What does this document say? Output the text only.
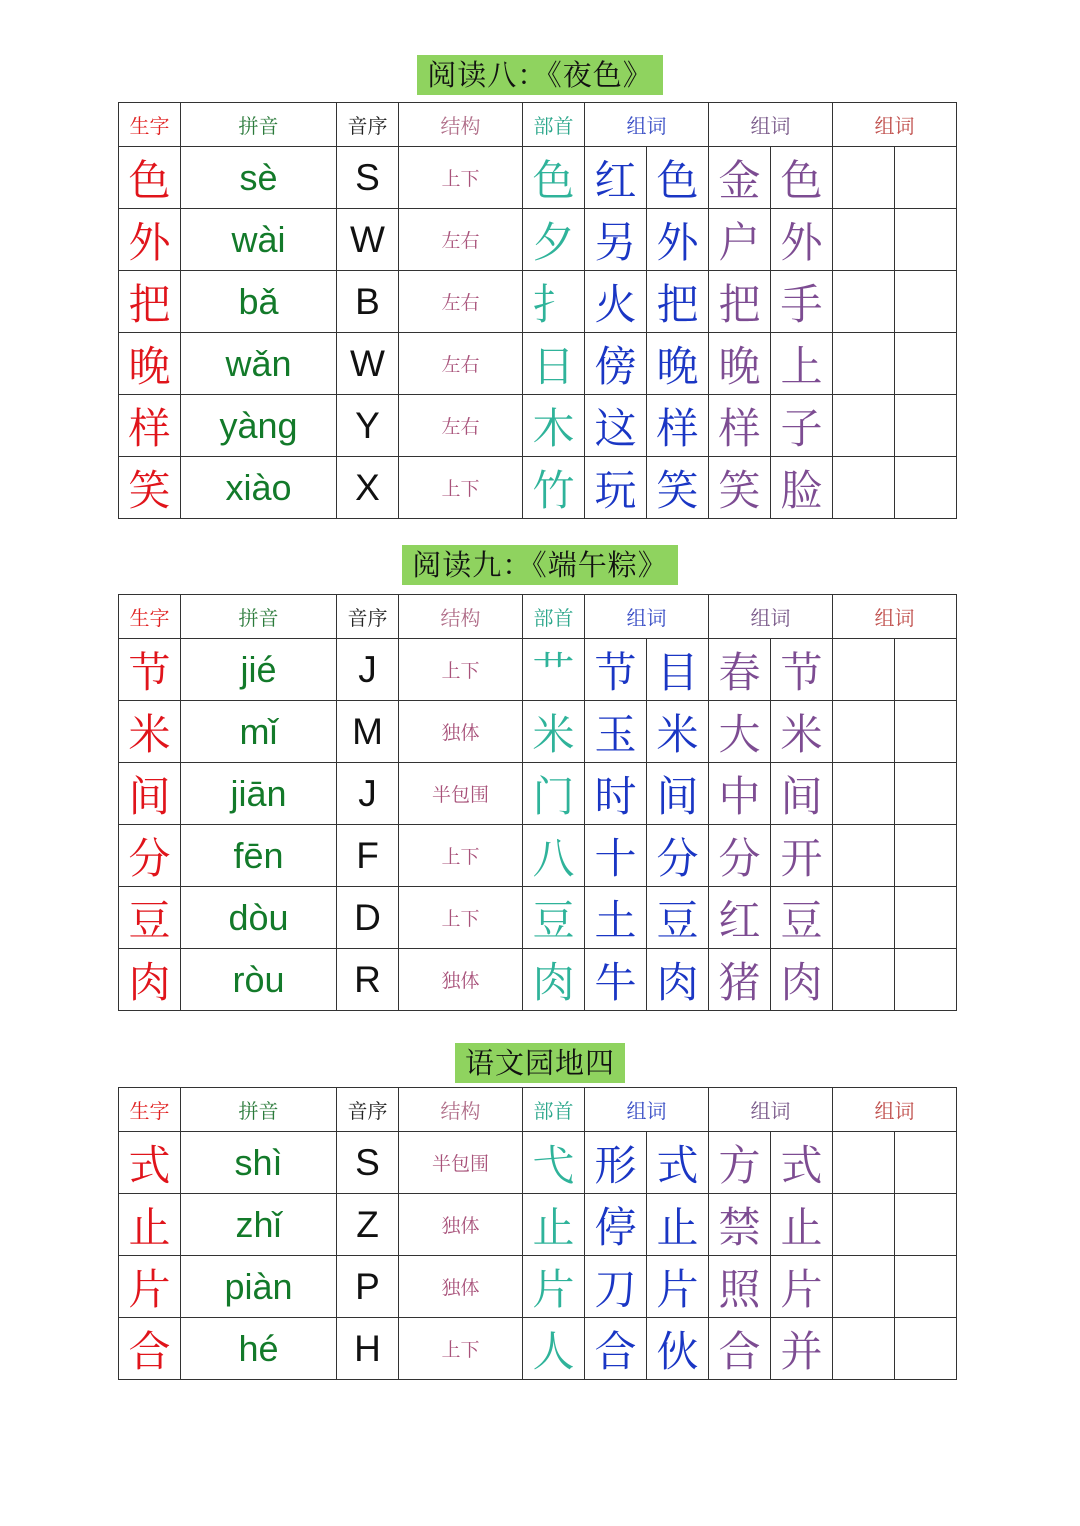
阅读八：《夜色》
生字	拼音	音序	结构	部首	组词		组词		组词	
色	sè	S	上下	色	红	色	金	色		
外	wài	W	左右	夕	另	外	户	外		
把	bǎ	B	左右	扌	火	把	把	手		
晚	wǎn	W	左右	日	傍	晚	晚	上		
样	yàng	Y	左右	木	这	样	样	子		
笑	xiào	X	上下	竹	玩	笑	笑	脸		
阅读九：《端午粽》
生字	拼音	音序	结构	部首	组词		组词		组词	
节	jié	J	上下	艹	节	目	春	节		
米	mǐ	M	独体	米	玉	米	大	米		
间	jiān	J	半包围	门	时	间	中	间		
分	fēn	F	上下	八	十	分	分	开		
豆	dòu	D	上下	豆	土	豆	红	豆		
肉	ròu	R	独体	肉	牛	肉	猪	肉		
语文园地四
生字	拼音	音序	结构	部首	组词		组词		组词	
式	shì	S	半包围	弋	形	式	方	式		
止	zhǐ	Z	独体	止	停	止	禁	止		
片	piàn	P	独体	片	刀	片	照	片		
合	hé	H	上下	人	合	伙	合	并		
